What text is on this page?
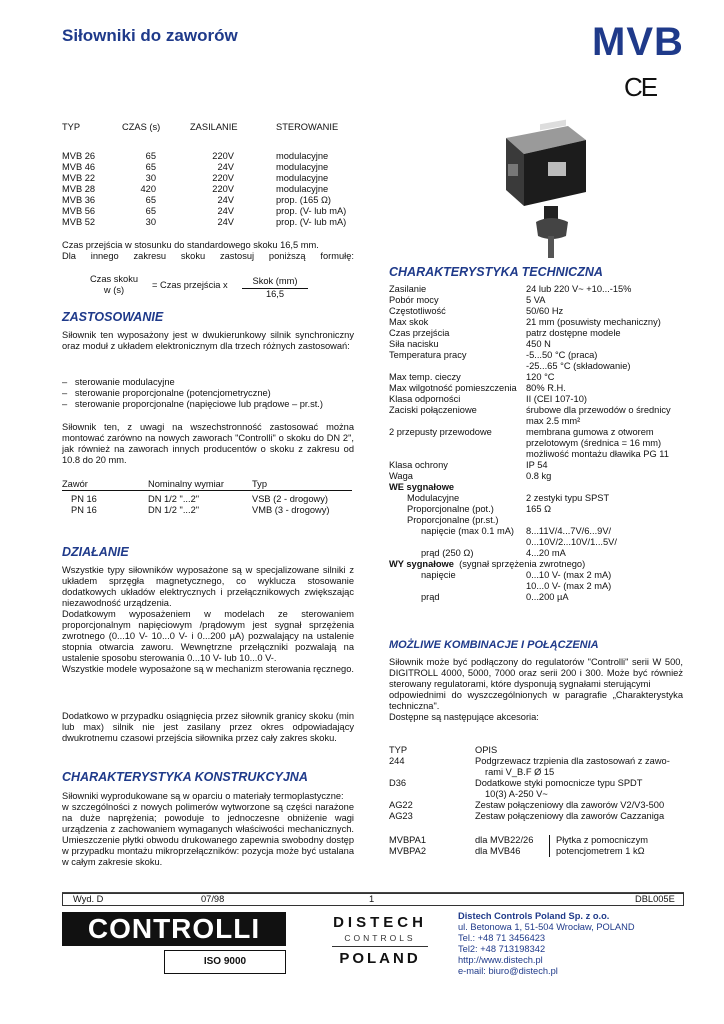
Siłowniki do zaworów	MVB
CE
TYP	CZAS (s)	ZASILANIE	STEROWANIE
MVB 26	65	220V	modulacyjne
MVB 46	65	24V	modulacyjne
MVB 22	30	220V	modulacyjne
MVB 28	420	220V	modulacyjne
MVB 36	65	24V	prop. (165 Ω)
MVB 56	65	24V	prop. (V- lub mA)
MVB 52	30	24V	prop. (V- lub mA)
Czas przejścia w stosunku do standardowego skoku 16,5 mm.
Dla innego zakresu skoku zastosuj poniższą formułę:
Czas skoku
w (s)	= Czas przejścia x	Skok (mm)
16,5
ZASTOSOWANIE
Siłownik ten wyposażony jest w dwukierunkowy silnik synchroniczny oraz moduł z układem elektronicznym dla trzech różnych zastosowań:
–   sterowanie modulacyjne
–   sterowanie proporcjonalne (potencjometryczne)
–   sterowanie proporcjonalne (napięciowe lub prądowe – pr.st.)
Siłownik ten, z uwagi na wszechstronność zastosować można montować zarówno na nowych zaworach "Controlli" o skoku do DN 2", jak również na zaworach innych producentów o skoku z zakresu od 10.8 do 20 mm.
Zawór	Nominalny wymiar	Typ

PN 16	DN 1/2 "...2"	VSB (2 - drogowy)
PN 16	DN 1/2 "...2"	VMB (3 - drogowy)
DZIAŁANIE
Wszystkie typy siłowników wyposażone są w specjalizowane silniki z układem sprzęgła magnetycznego, co wyklucza stosowanie dodatkowych układów elektrycznych i przełącznikowych zwiększając niezawodność urządzenia.
Dodatkowym wyposażeniem w modelach ze sterowaniem proporcjonalnym napięciowym /prądowym jest sygnał sprzężenia zwrotnego (0...10 V- 10...0 V- i 0...200 µA) pozwalający na ustalenie stopnia otwarcia zaworu. Wewnętrzne przełączniki pozwalają na ustalenie sposobu sterowania 0...10 V- lub 10...0 V-.
Wszystkie modele wyposażone są w mechanizm sterowania ręcznego.
Dodatkowo w przypadku osiągnięcia przez siłownik granicy skoku (min lub max) silnik nie jest zasilany przez okres odpowiadający dwukrotnemu czasowi przejścia siłownika przez cały zakres skoku.
CHARAKTERYSTYKA KONSTRUKCYJNA
Siłowniki wyprodukowane są w oparciu o materiały termoplastyczne:
w szczególności z nowych polimerów wytworzone są części narażone na duże naprężenia; powoduje to jednoczesne obniżenie wagi urządzenia z zachowaniem wymaganych właściwości mechanicznych. Umieszczenie płytki obwodu drukowanego zapewnia swobodny dostęp w przypadku montażu mikroprzełączników: pozycja może być ustalana w całym zakresie skoku.
CHARAKTERYSTYKA TECHNICZNA
Zasilanie	24 lub 220 V~ +10...-15%
Pobór mocy	5 VA
Częstotliwość	50/60 Hz
Max skok	21 mm (posuwisty mechaniczny)
Czas przejścia	patrz dostępne modele
Siła nacisku	450 N
Temperatura pracy	-5...50 °C (praca)
	-25...65 °C (składowanie)
Max temp. cieczy	120 °C
Max wilgotność pomieszczenia	80% R.H.
Klasa odporności	II (CEI 107-10)
Zaciski połączeniowe	śrubowe dla przewodów o średnicy
	max 2.5 mm²
2 przepusty przewodowe	membrana gumowa z otworem
	przelotowym (średnica = 16 mm)
	możliwość montażu dławika PG 11
Klasa ochrony	IP 54
Waga	0.8 kg
WE sygnałowe
Modulacyjne	2 zestyki typu SPST
Proporcjonalne (pot.)	165 Ω
Proporcjonalne (pr.st.)	
napięcie (max 0.1 mA)	8...11V/4...7V/6...9V/
	0...10V/2...10V/1...5V/
prąd (250 Ω)	4...20 mA
WY sygnałowe (sygnał sprzężenia zwrotnego)
napięcie	0...10 V- (max 2 mA)
	10...0 V- (max 2 mA)
prąd	0...200 µA
MOŻLIWE KOMBINACJE I POŁĄCZENIA
Siłownik może być podłączony do regulatorów "Controlli" serii W 500, DIGITROLL 4000, 5000, 7000 oraz serii 200 i 300. Może być również sterowany regulatorami, które dysponują sygnałami sterującymi
odpowiednimi do wyszczególnionych w paragrafie „Charakterystyka techniczna".
Dostępne są następujące akcesoria:
TYP	OPIS
244	Podgrzewacz trzpienia dla zastosowań z zawo-
rami V_B.F Ø 15

D36	Dodatkowe styki pomocnicze typu SPDT
10(3) A-250 V~

AG22	Zestaw połączeniowy dla zaworów V2/V3-500

AG23	Zestaw połączeniowy dla zaworów Cazzaniga
MVBPA1	dla MVB22/26	Płytka z pomocniczym
potencjometrem 1 kΩ

MVBPA2	dla MVB46	
Wyd. D	07/98	1	DBL005E
CONTROLLI
ISO 9000
DISTECH
CONTROLS
POLAND
Distech Controls Poland Sp. z o.o.
ul. Betonowa 1, 51-504 Wrocław, POLAND
Tel.: +48 71 3456423
Tel2: +48 713198342
http://www.distech.pl
e-mail: biuro@distech.pl
